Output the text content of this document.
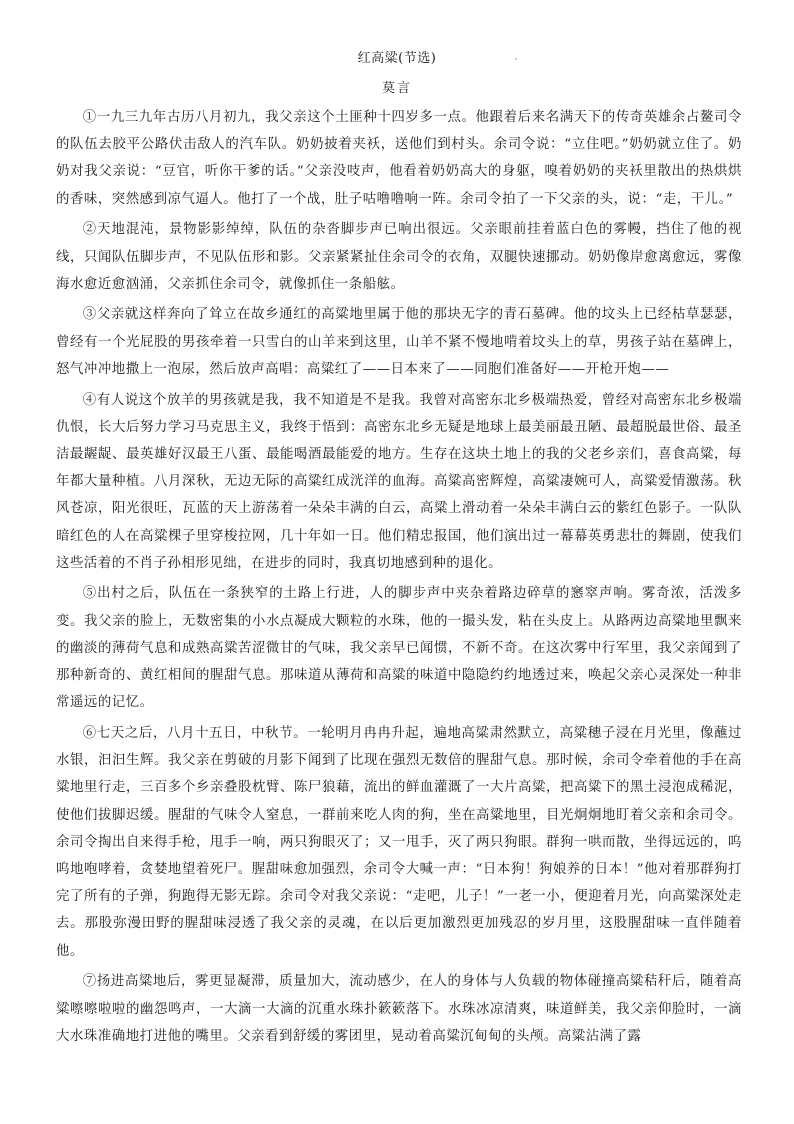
红高粱(节选)
莫言

①一九三九年古历八月初九，我父亲这个土匪种十四岁多一点。他跟着后来名满天下的传奇英雄余占鳌司令的队伍去胶平公路伏击敌人的汽车队。奶奶披着夹袄，送他们到村头。余司令说：“立住吧。”奶奶就立住了。奶奶对我父亲说：“豆官，听你干爹的话。”父亲没吱声，他看着奶奶高大的身躯，嗅着奶奶的夹袄里散出的热烘烘的香味，突然感到凉气逼人。他打了一个战，肚子咕噜噜响一阵。余司令拍了一下父亲的头，说：“走，干儿。”

②天地混沌，景物影影绰绰，队伍的杂沓脚步声已响出很远。父亲眼前挂着蓝白色的雾幔，挡住了他的视线，只闻队伍脚步声，不见队伍形和影。父亲紧紧扯住余司令的衣角，双腿快速挪动。奶奶像岸愈离愈远，雾像海水愈近愈汹涌，父亲抓住余司令，就像抓住一条船舷。

③父亲就这样奔向了耸立在故乡通红的高粱地里属于他的那块无字的青石墓碑。他的坟头上已经枯草瑟瑟，曾经有一个光屁股的男孩牵着一只雪白的山羊来到这里，山羊不紧不慢地啃着坟头上的草，男孩子站在墓碑上，怒气冲冲地撒上一泡尿，然后放声高唱：高粱红了——日本来了——同胞们准备好——开枪开炮——

④有人说这个放羊的男孩就是我，我不知道是不是我。我曾对高密东北乡极端热爱，曾经对高密东北乡极端仇恨，长大后努力学习马克思主义，我终于悟到：高密东北乡无疑是地球上最美丽最丑陋、最超脱最世俗、最圣洁最龌龊、最英雄好汉最王八蛋、最能喝酒最能爱的地方。生存在这块土地上的我的父老乡亲们，喜食高粱，每年都大量种植。八月深秋，无边无际的高粱红成洸洋的血海。高粱高密辉煌，高粱凄婉可人，高粱爱情激荡。秋风苍凉，阳光很旺，瓦蓝的天上游荡着一朵朵丰满的白云，高粱上滑动着一朵朵丰满白云的紫红色影子。一队队暗红色的人在高粱棵子里穿梭拉网，几十年如一日。他们精忠报国，他们演出过一幕幕英勇悲壮的舞剧，使我们这些活着的不肖子孙相形见绌，在进步的同时，我真切地感到种的退化。

⑤出村之后，队伍在一条狭窄的土路上行进，人的脚步声中夹杂着路边碎草的窸窣声响。雾奇浓，活泼多变。我父亲的脸上，无数密集的小水点凝成大颗粒的水珠，他的一撮头发，粘在头皮上。从路两边高粱地里飘来的幽淡的薄荷气息和成熟高粱苦涩微甘的气味，我父亲早已闻惯，不新不奇。在这次雾中行军里，我父亲闻到了那种新奇的、黄红相间的腥甜气息。那味道从薄荷和高粱的味道中隐隐约约地透过来，唤起父亲心灵深处一种非常遥远的记忆。

⑥七天之后，八月十五日，中秋节。一轮明月冉冉升起，遍地高粱肃然默立，高粱穗子浸在月光里，像蘸过水银，汩汩生辉。我父亲在剪破的月影下闻到了比现在强烈无数倍的腥甜气息。那时候，余司令牵着他的手在高粱地里行走，三百多个乡亲叠股枕臂、陈尸狼藉，流出的鲜血灌溉了一大片高粱，把高粱下的黑土浸泡成稀泥，使他们拔脚迟缓。腥甜的气味令人窒息，一群前来吃人肉的狗，坐在高粱地里，目光炯炯地盯着父亲和余司令。余司令掏出自来得手枪，甩手一响，两只狗眼灭了；又一甩手，灭了两只狗眼。群狗一哄而散，坐得远远的，呜呜地咆哮着，贪婪地望着死尸。腥甜味愈加强烈，余司令大喊一声：“日本狗！狗娘养的日本！”他对着那群狗打完了所有的子弹，狗跑得无影无踪。余司令对我父亲说：“走吧，儿子！”一老一小，便迎着月光，向高粱深处走去。那股弥漫田野的腥甜味浸透了我父亲的灵魂，在以后更加激烈更加残忍的岁月里，这股腥甜味一直伴随着他。

⑦扬进高粱地后，雾更显凝滞，质量加大，流动感少，在人的身体与人负载的物体碰撞高粱秸秆后，随着高粱嚓嚓啦啦的幽怨鸣声，一大滴一大滴的沉重水珠扑簌簌落下。水珠冰凉清爽，味道鲜美，我父亲仰脸时，一滴大水珠准确地打进他的嘴里。父亲看到舒缓的雾团里，晃动着高粱沉甸甸的头颅。高粱沾满了露
